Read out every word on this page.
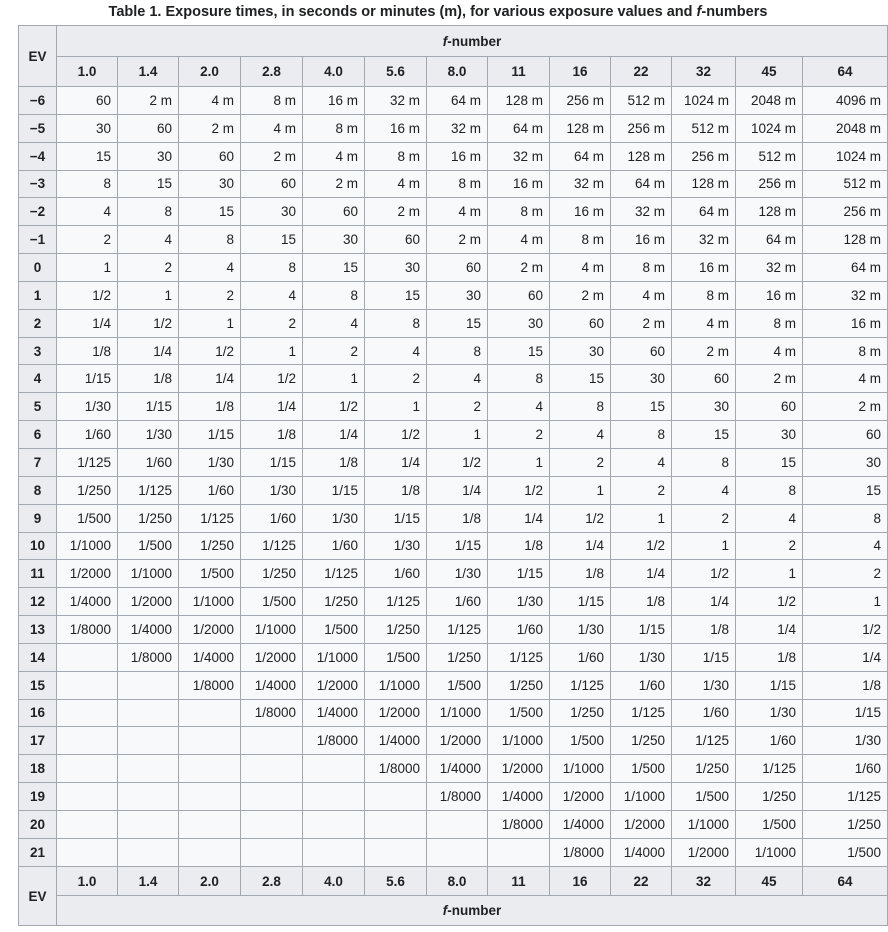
Table 1. Exposure times, in seconds or minutes (m), for various exposure values and f-numbers
EV	f-number												
	1.0	1.4	2.0	2.8	4.0	5.6	8.0	11	16	22	32	45	64
−6	60	2 m	4 m	8 m	16 m	32 m	64 m	128 m	256 m	512 m	1024 m	2048 m	4096 m
−5	30	60	2 m	4 m	8 m	16 m	32 m	64 m	128 m	256 m	512 m	1024 m	2048 m
−4	15	30	60	2 m	4 m	8 m	16 m	32 m	64 m	128 m	256 m	512 m	1024 m
−3	8	15	30	60	2 m	4 m	8 m	16 m	32 m	64 m	128 m	256 m	512 m
−2	4	8	15	30	60	2 m	4 m	8 m	16 m	32 m	64 m	128 m	256 m
−1	2	4	8	15	30	60	2 m	4 m	8 m	16 m	32 m	64 m	128 m
0	1	2	4	8	15	30	60	2 m	4 m	8 m	16 m	32 m	64 m
1	1/2	1	2	4	8	15	30	60	2 m	4 m	8 m	16 m	32 m
2	1/4	1/2	1	2	4	8	15	30	60	2 m	4 m	8 m	16 m
3	1/8	1/4	1/2	1	2	4	8	15	30	60	2 m	4 m	8 m
4	1/15	1/8	1/4	1/2	1	2	4	8	15	30	60	2 m	4 m
5	1/30	1/15	1/8	1/4	1/2	1	2	4	8	15	30	60	2 m
6	1/60	1/30	1/15	1/8	1/4	1/2	1	2	4	8	15	30	60
7	1/125	1/60	1/30	1/15	1/8	1/4	1/2	1	2	4	8	15	30
8	1/250	1/125	1/60	1/30	1/15	1/8	1/4	1/2	1	2	4	8	15
9	1/500	1/250	1/125	1/60	1/30	1/15	1/8	1/4	1/2	1	2	4	8
10	1/1000	1/500	1/250	1/125	1/60	1/30	1/15	1/8	1/4	1/2	1	2	4
11	1/2000	1/1000	1/500	1/250	1/125	1/60	1/30	1/15	1/8	1/4	1/2	1	2
12	1/4000	1/2000	1/1000	1/500	1/250	1/125	1/60	1/30	1/15	1/8	1/4	1/2	1
13	1/8000	1/4000	1/2000	1/1000	1/500	1/250	1/125	1/60	1/30	1/15	1/8	1/4	1/2
14		1/8000	1/4000	1/2000	1/1000	1/500	1/250	1/125	1/60	1/30	1/15	1/8	1/4
15			1/8000	1/4000	1/2000	1/1000	1/500	1/250	1/125	1/60	1/30	1/15	1/8
16				1/8000	1/4000	1/2000	1/1000	1/500	1/250	1/125	1/60	1/30	1/15
17					1/8000	1/4000	1/2000	1/1000	1/500	1/250	1/125	1/60	1/30
18						1/8000	1/4000	1/2000	1/1000	1/500	1/250	1/125	1/60
19							1/8000	1/4000	1/2000	1/1000	1/500	1/250	1/125
20								1/8000	1/4000	1/2000	1/1000	1/500	1/250
21									1/8000	1/4000	1/2000	1/1000	1/500
EV	1.0	1.4	2.0	2.8	4.0	5.6	8.0	11	16	22	32	45	64
	f-number												
